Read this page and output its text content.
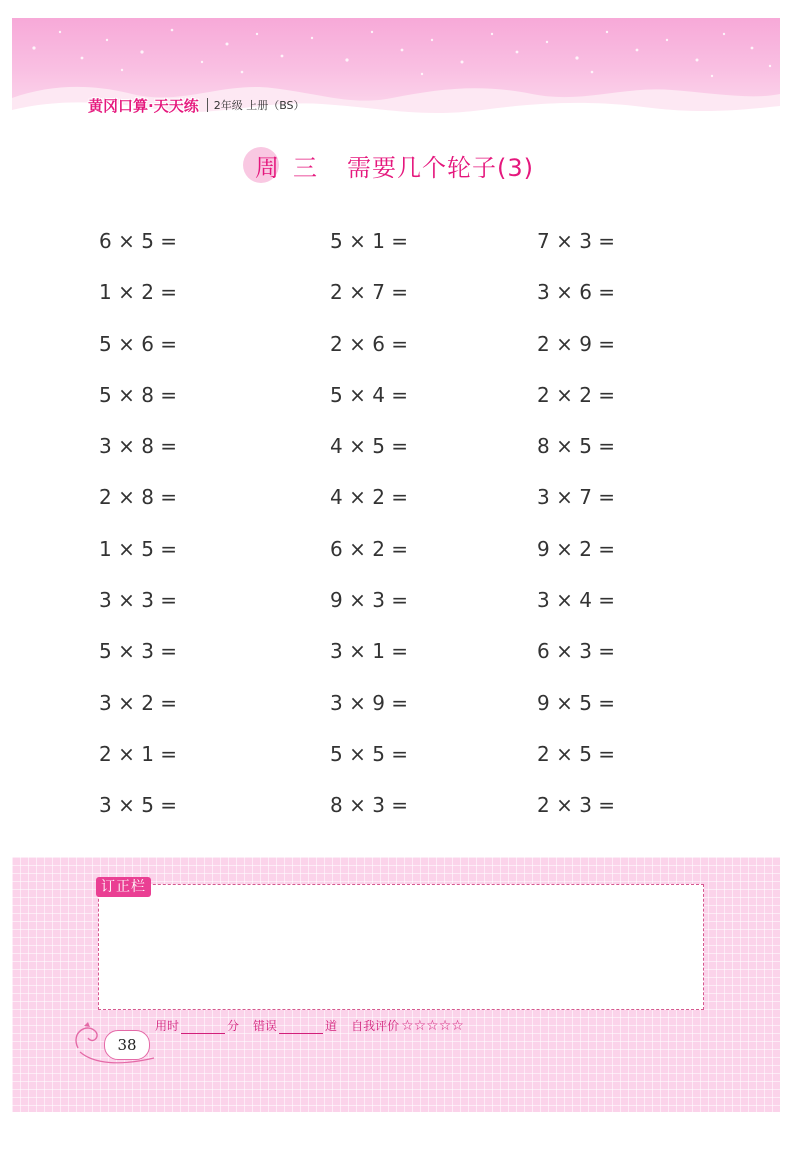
黄冈口算·天天练 2年级 上册（BS）
周 三 需要几个轮子(3)
6 × 5 =
1 × 2 =
5 × 6 =
5 × 8 =
3 × 8 =
2 × 8 =
1 × 5 =
3 × 3 =
5 × 3 =
3 × 2 =
2 × 1 =
3 × 5 =
5 × 1 =
2 × 7 =
2 × 6 =
5 × 4 =
4 × 5 =
4 × 2 =
6 × 2 =
9 × 3 =
3 × 1 =
3 × 9 =
5 × 5 =
8 × 3 =
7 × 3 =
3 × 6 =
2 × 9 =
2 × 2 =
8 × 5 =
3 × 7 =
9 × 2 =
3 × 4 =
6 × 3 =
9 × 5 =
2 × 5 =
2 × 3 =
订正栏
用时	分 错误	道 自我评价 ☆☆☆☆☆
38
